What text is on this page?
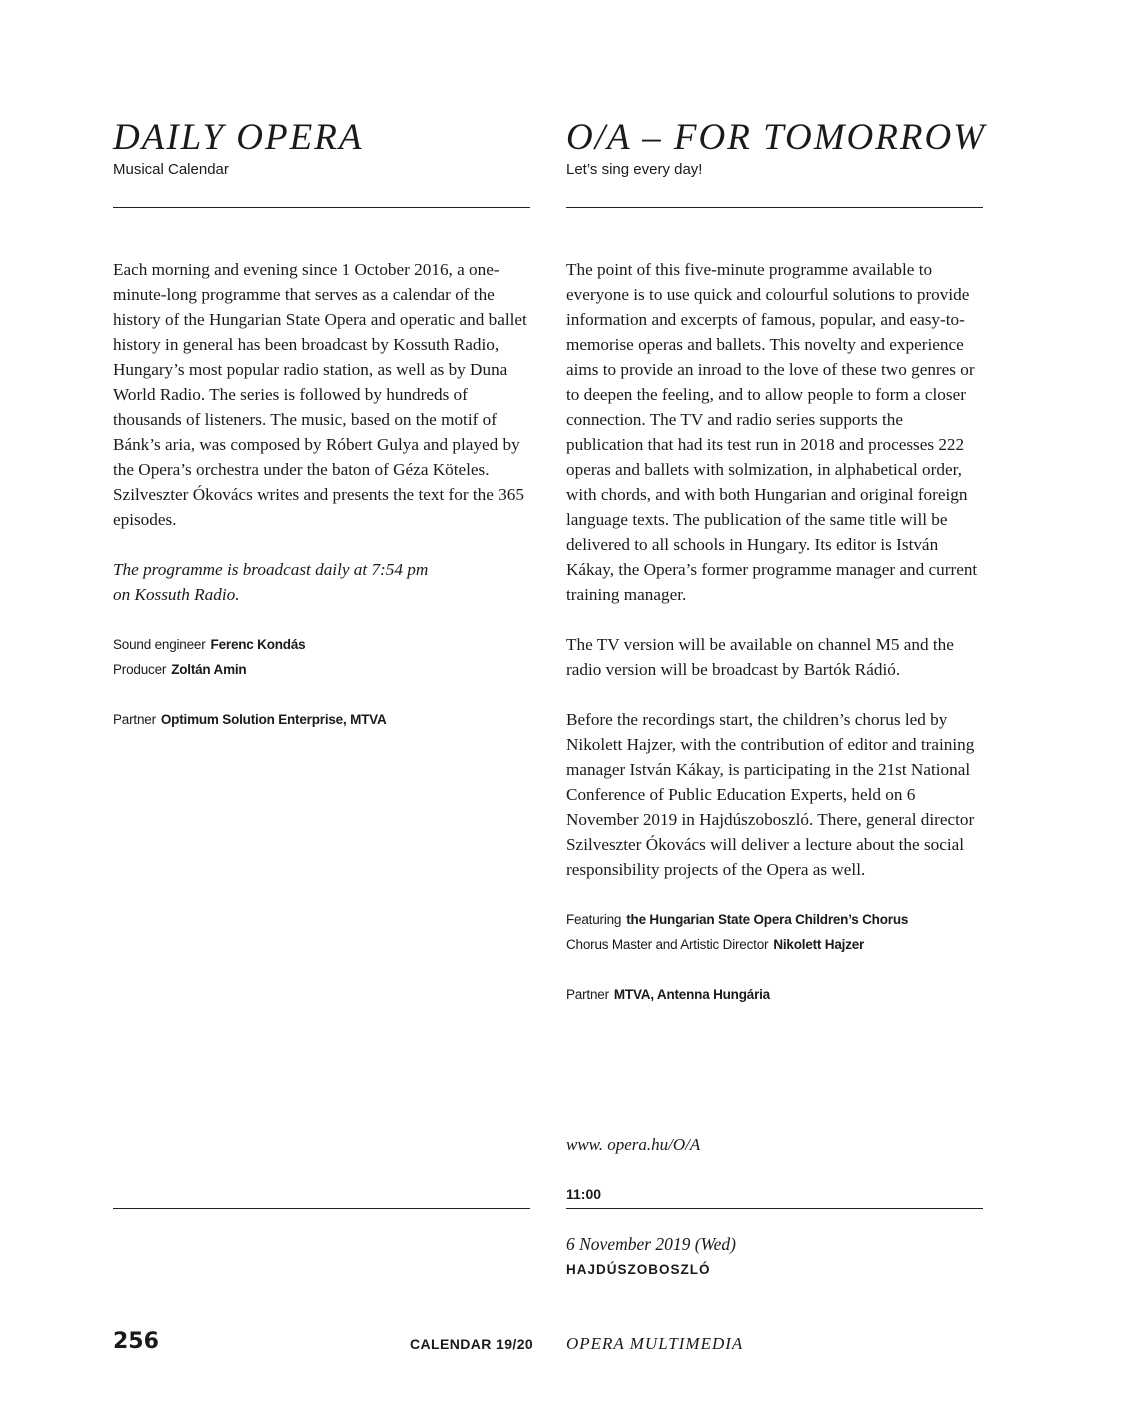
DAILY OPERA
Musical Calendar

Each morning and evening since 1 October 2016, a one-minute-long programme that serves as a calendar of the history of the Hungarian State Opera and operatic and ballet history in general has been broadcast by Kossuth Radio, Hungary’s most popular radio station, as well as by Duna World Radio. The series is followed by hundreds of thousands of listeners. The music, based on the motif of Bánk’s aria, was composed by Róbert Gulya and played by the Opera’s orchestra under the baton of Géza Köteles. Szilveszter Ókovács writes and presents the text for the 365 episodes.

The programme is broadcast daily at 7:54 pm
on Kossuth Radio.

Sound engineer Ferenc Kondás
Producer Zoltán Amin
Partner Optimum Solution Enterprise, MTVA
O/A – FOR TOMORROW
Let’s sing every day!

The point of this five-minute programme available to everyone is to use quick and colourful solutions to provide information and excerpts of famous, popular, and easy-to-memorise operas and ballets. This novelty and experience aims to provide an inroad to the love of these two genres or to deepen the feeling, and to allow people to form a closer connection. The TV and radio series supports the publication that had its test run in 2018 and processes 222 operas and ballets with solmization, in alphabetical order, with chords, and with both Hungarian and original foreign language texts. The publication of the same title will be delivered to all schools in Hungary. Its editor is István Kákay, the Opera’s former programme manager and current training manager.

The TV version will be available on channel M5 and the radio version will be broadcast by Bartók Rádió.

Before the recordings start, the children’s chorus led by Nikolett Hajzer, with the contribution of editor and training manager István Kákay, is participating in the 21st National Conference of Public Education Experts, held on 6 November 2019 in Hajdúszoboszló. There, general director Szilveszter Ókovács will deliver a lecture about the social responsibility projects of the Opera as well.

Featuring the Hungarian State Opera Children’s Chorus
Chorus Master and Artistic Director Nikolett Hajzer
Partner MTVA, Antenna Hungária
www. opera.hu/O/A
11:00
6 November 2019 (Wed)
HAJDÚSZOBOSZLÓ
256	CALENDAR 19/20 OPERA MULTIMEDIA
